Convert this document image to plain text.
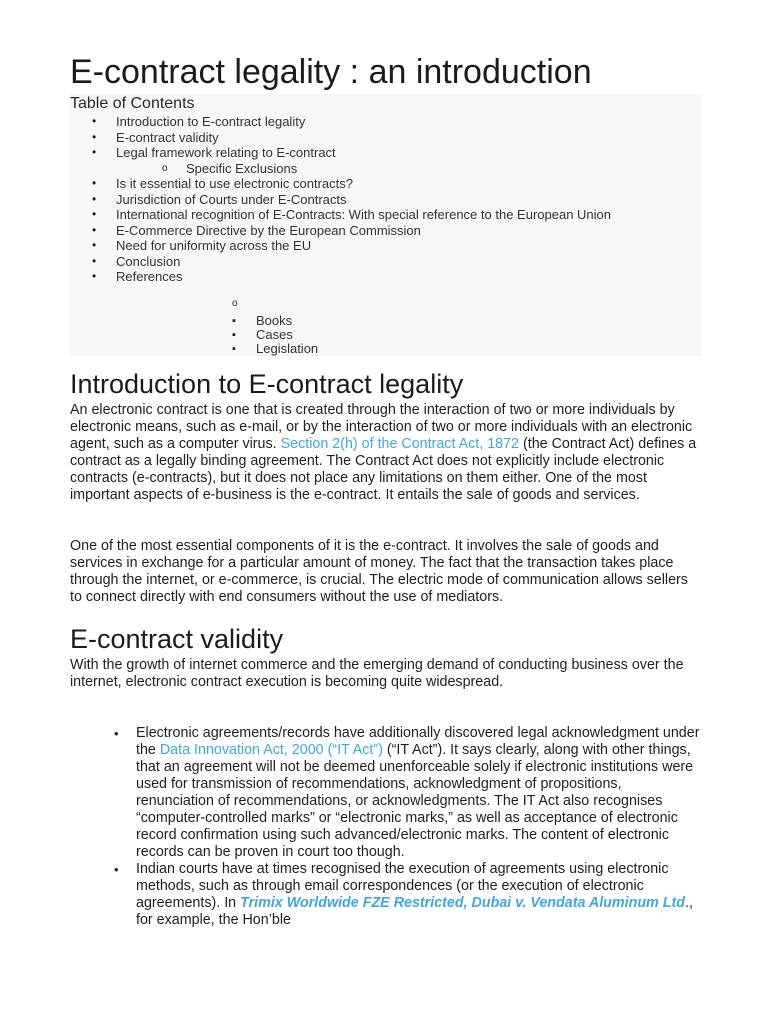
E-contract legality : an introduction
Table of Contents
• Introduction to E-contract legality
• E-contract validity
• Legal framework relating to E-contract
o Specific Exclusions
• Is it essential to use electronic contracts?
• Jurisdiction of Courts under E-Contracts
• International recognition of E-Contracts: With special reference to the European Union
• E-Commerce Directive by the European Commission
• Need for uniformity across the EU
• Conclusion
• References
o
▪ Books
▪ Cases
▪ Legislation
Introduction to E-contract legality

An electronic contract is one that is created through the interaction of two or more individuals by electronic means, such as e-mail, or by the interaction of two or more individuals with an electronic agent, such as a computer virus. Section 2(h) of the Contract Act, 1872 (the Contract Act) defines a contract as a legally binding agreement. The Contract Act does not explicitly include electronic contracts (e-contracts), but it does not place any limitations on them either. One of the most important aspects of e-business is the e-contract. It entails the sale of goods and services.

One of the most essential components of it is the e-contract. It involves the sale of goods and services in exchange for a particular amount of money. The fact that the transaction takes place through the internet, or e-commerce, is crucial. The electric mode of communication allows sellers to connect directly with end consumers without the use of mediators.

E-contract validity

With the growth of internet commerce and the emerging demand of conducting business over the internet, electronic contract execution is becoming quite widespread.

• Electronic agreements/records have additionally discovered legal acknowledgment under the Data Innovation Act, 2000 (“IT Act”) (“IT Act”). It says clearly, along with other things, that an agreement will not be deemed unenforceable solely if electronic institutions were used for transmission of recommendations, acknowledgment of propositions, renunciation of recommendations, or acknowledgments. The IT Act also recognises “computer-controlled marks” or “electronic marks,” as well as acceptance of electronic record confirmation using such advanced/electronic marks. The content of electronic records can be proven in court too though.
• Indian courts have at times recognised the execution of agreements using electronic methods, such as through email correspondences (or the execution of electronic agreements). In Trimix Worldwide FZE Restricted, Dubai v. Vendata Aluminum Ltd., for example, the Hon’ble
